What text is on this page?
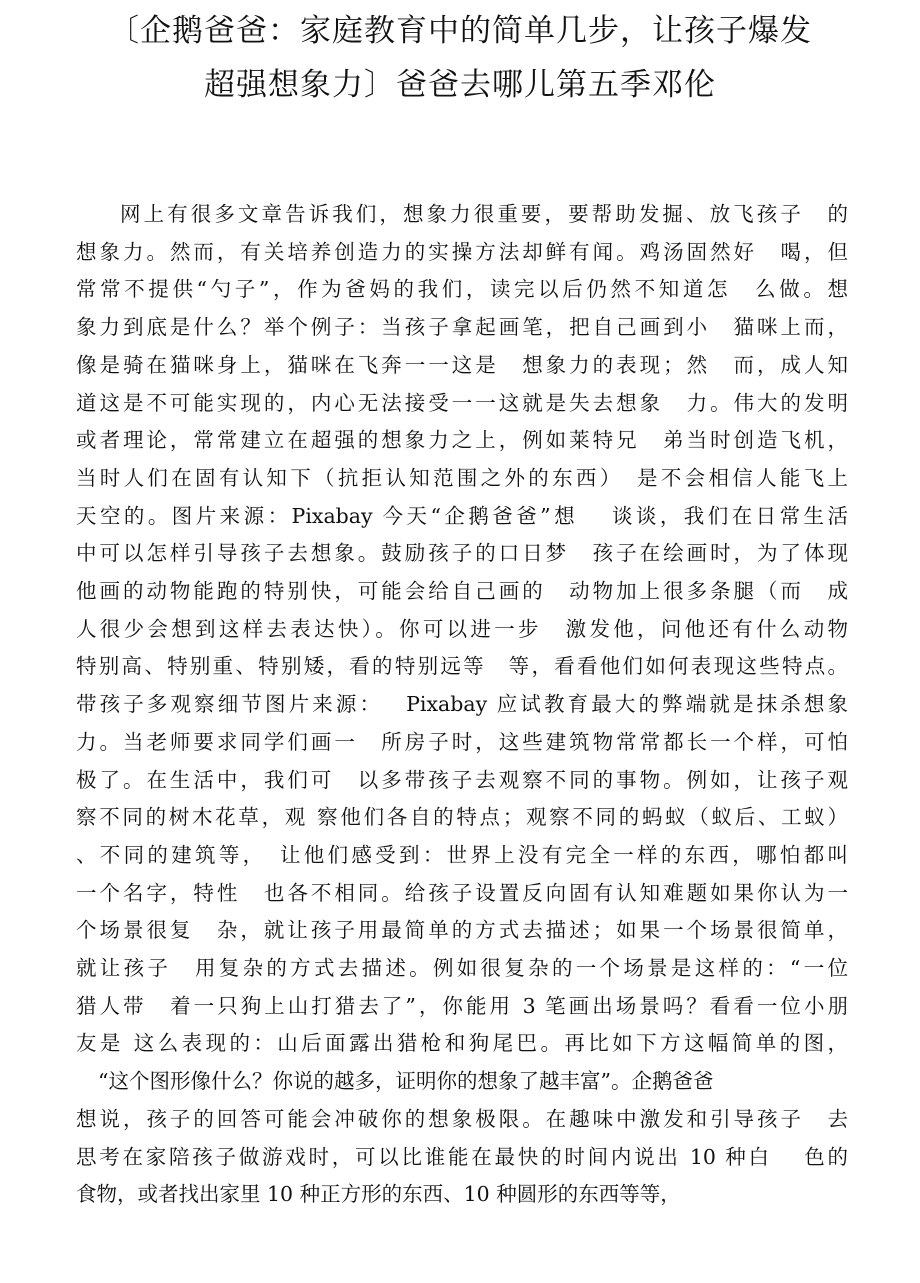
〔企鹅爸爸：家庭教育中的简单几步，让孩子爆发
超强想象力〕爸爸去哪儿第五季邓伦
网上有很多文章告诉我们，想象力很重要，要帮助发掘、放飞孩子　的
想象力。然而，有关培养创造力的实操方法却鲜有闻。鸡汤固然好　喝，但
常常不提供“勺子”，作为爸妈的我们，读完以后仍然不知道怎　么做。想
象力到底是什么？举个例子：当孩子拿起画笔，把自己画到小　猫咪上而，
像是骑在猫咪身上，猫咪在飞奔一一这是　想象力的表现；然　而，成人知
道这是不可能实现的，内心无法接受一一这就是失去想象　力。伟大的发明
或者理论，常常建立在超强的想象力之上，例如莱特兄　弟当时创造飞机，
当时人们在固有认知下（抗拒认知范围之外的东西）　是不会相信人能飞上
天空的。图片来源：Pixabay 今天“企鹅爸爸”想　 谈谈，我们在日常生活
中可以怎样引导孩子去想象。鼓励孩子的口日梦　孩子在绘画时，为了体现
他画的动物能跑的特别快，可能会给自己画的　动物加上很多条腿（而　成
人很少会想到这样去表达快）。你可以进一步　激发他，问他还有什么动物
特别高、特别重、特别矮，看的特别远等　等，看看他们如何表现这些特点。
带孩子多观察细节图片来源：　 Pixabay 应试教育最大的弊端就是抹杀想象
力。当老师要求同学们画一　所房子时，这些建筑物常常都长一个样，可怕
极了。在生活中，我们可　以多带孩子去观察不同的事物。例如，让孩子观
察不同的树木花草，观 察他们各自的特点；观察不同的蚂蚁（蚁后、工蚁）
、不同的建筑等，　让他们感受到：世界上没有完全一样的东西，哪怕都叫
一个名字，特性　也各不相同。给孩子设置反向固有认知难题如果你认为一
个场景很复　杂，就让孩子用最简单的方式去描述；如果一个场景很简单，
就让孩子　用复杂的方式去描述。例如很复杂的一个场景是这样的：“一位
猎人带　着一只狗上山打猎去了”，你能用 3 笔画出场景吗？看看一位小朋
友是 这么表现的：山后面露出猎枪和狗尾巴。再比如下方这幅简单的图，
“这个图形像什么？你说的越多，证明你的想象了越丰富”。企鹅爸爸
想说，孩子的回答可能会冲破你的想象极限。在趣味中激发和引导孩子　去
思考在家陪孩子做游戏时，可以比谁能在最快的时间内说出 10 种白　 色的
食物，或者找出家里 10 种正方形的东西、10 种圆形的东西等等，
